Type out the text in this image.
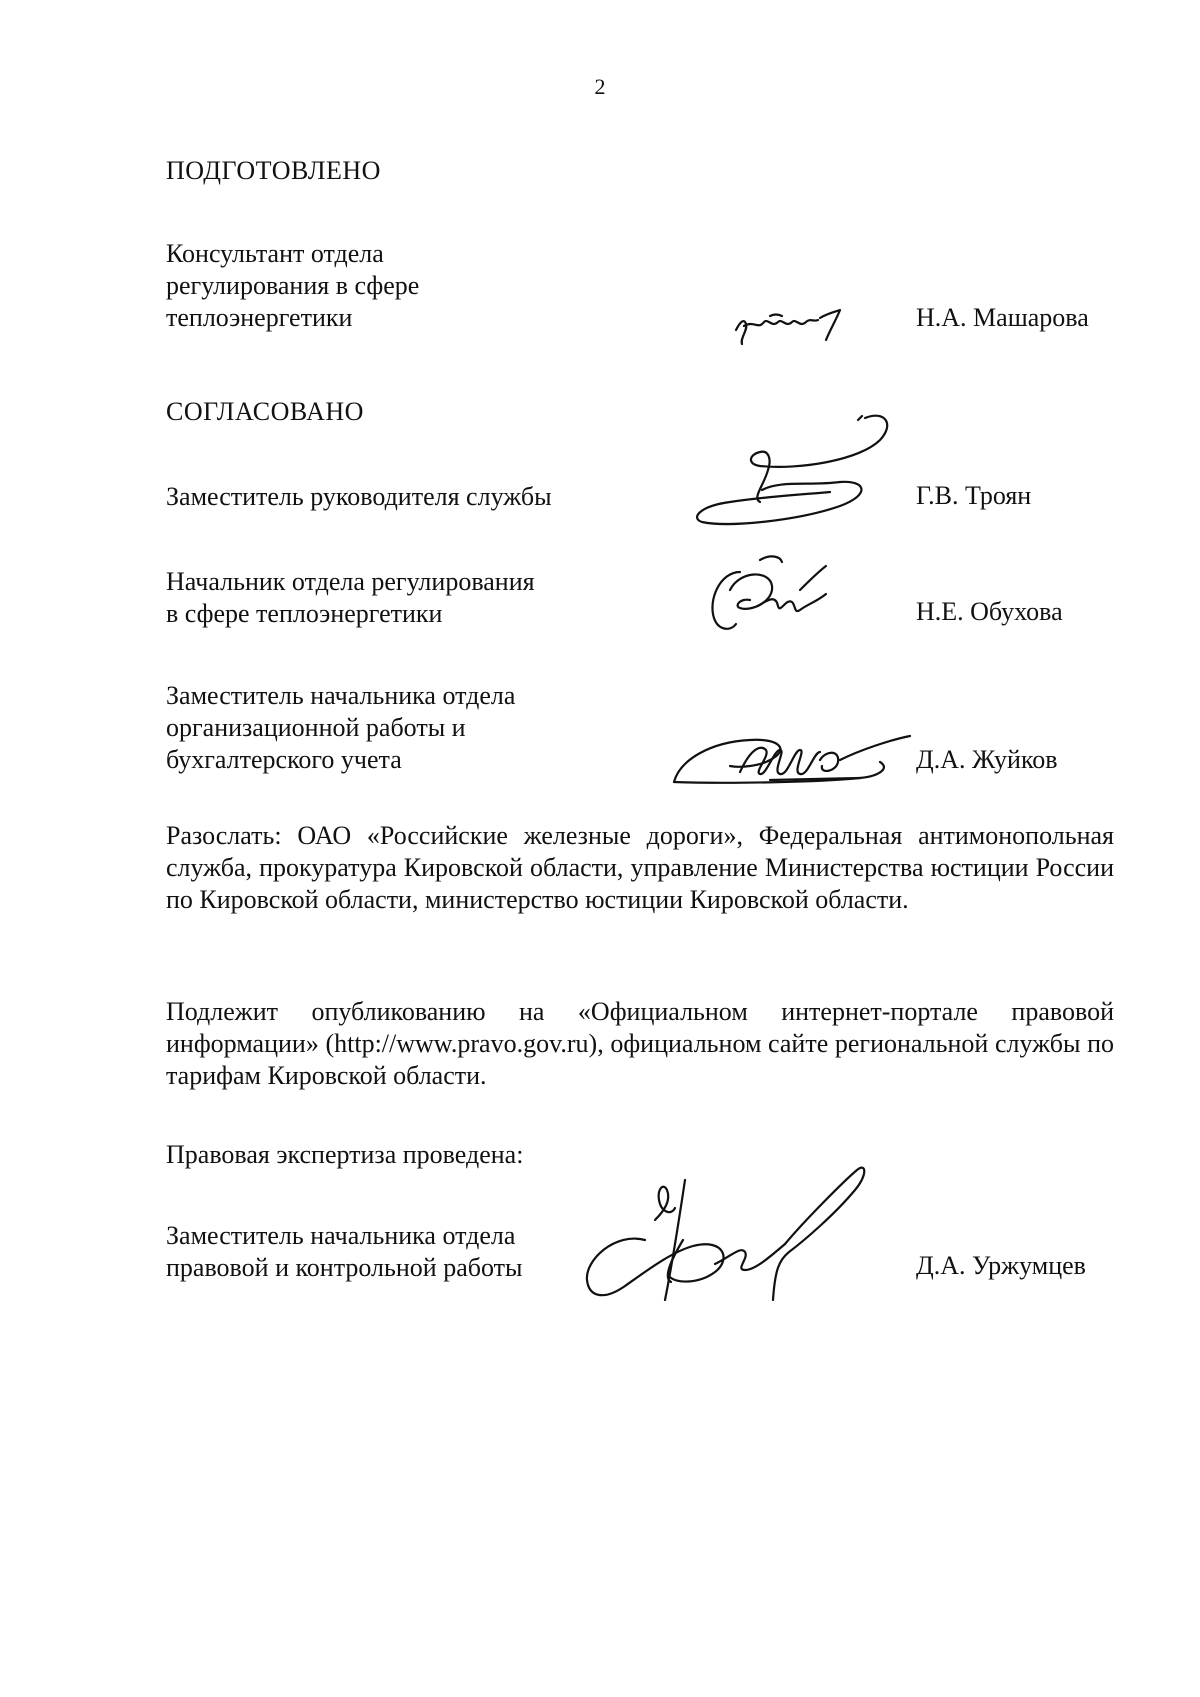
2
ПОДГОТОВЛЕНО
Консультант отдела
регулирования в сфере
теплоэнергетики	Н.А. Машарова
СОГЛАСОВАНО
Заместитель руководителя службы	Г.В. Троян
Начальник отдела регулирования
в сфере теплоэнергетики	Н.Е. Обухова
Заместитель начальника отдела
организационной работы и
бухгалтерского учета	Д.А. Жуйков
Разослать: ОАО «Российские железные дороги», Федеральная антимонопольная служба, прокуратура Кировской области, управление Министерства юстиции России по Кировской области, министерство юстиции Кировской области.
Подлежит опубликованию на «Официальном интернет-портале правовой информации» (http://www.pravo.gov.ru), официальном сайте региональной службы по тарифам Кировской области.
Правовая экспертиза проведена:
Заместитель начальника отдела
правовой и контрольной работы	Д.А. Уржумцев
